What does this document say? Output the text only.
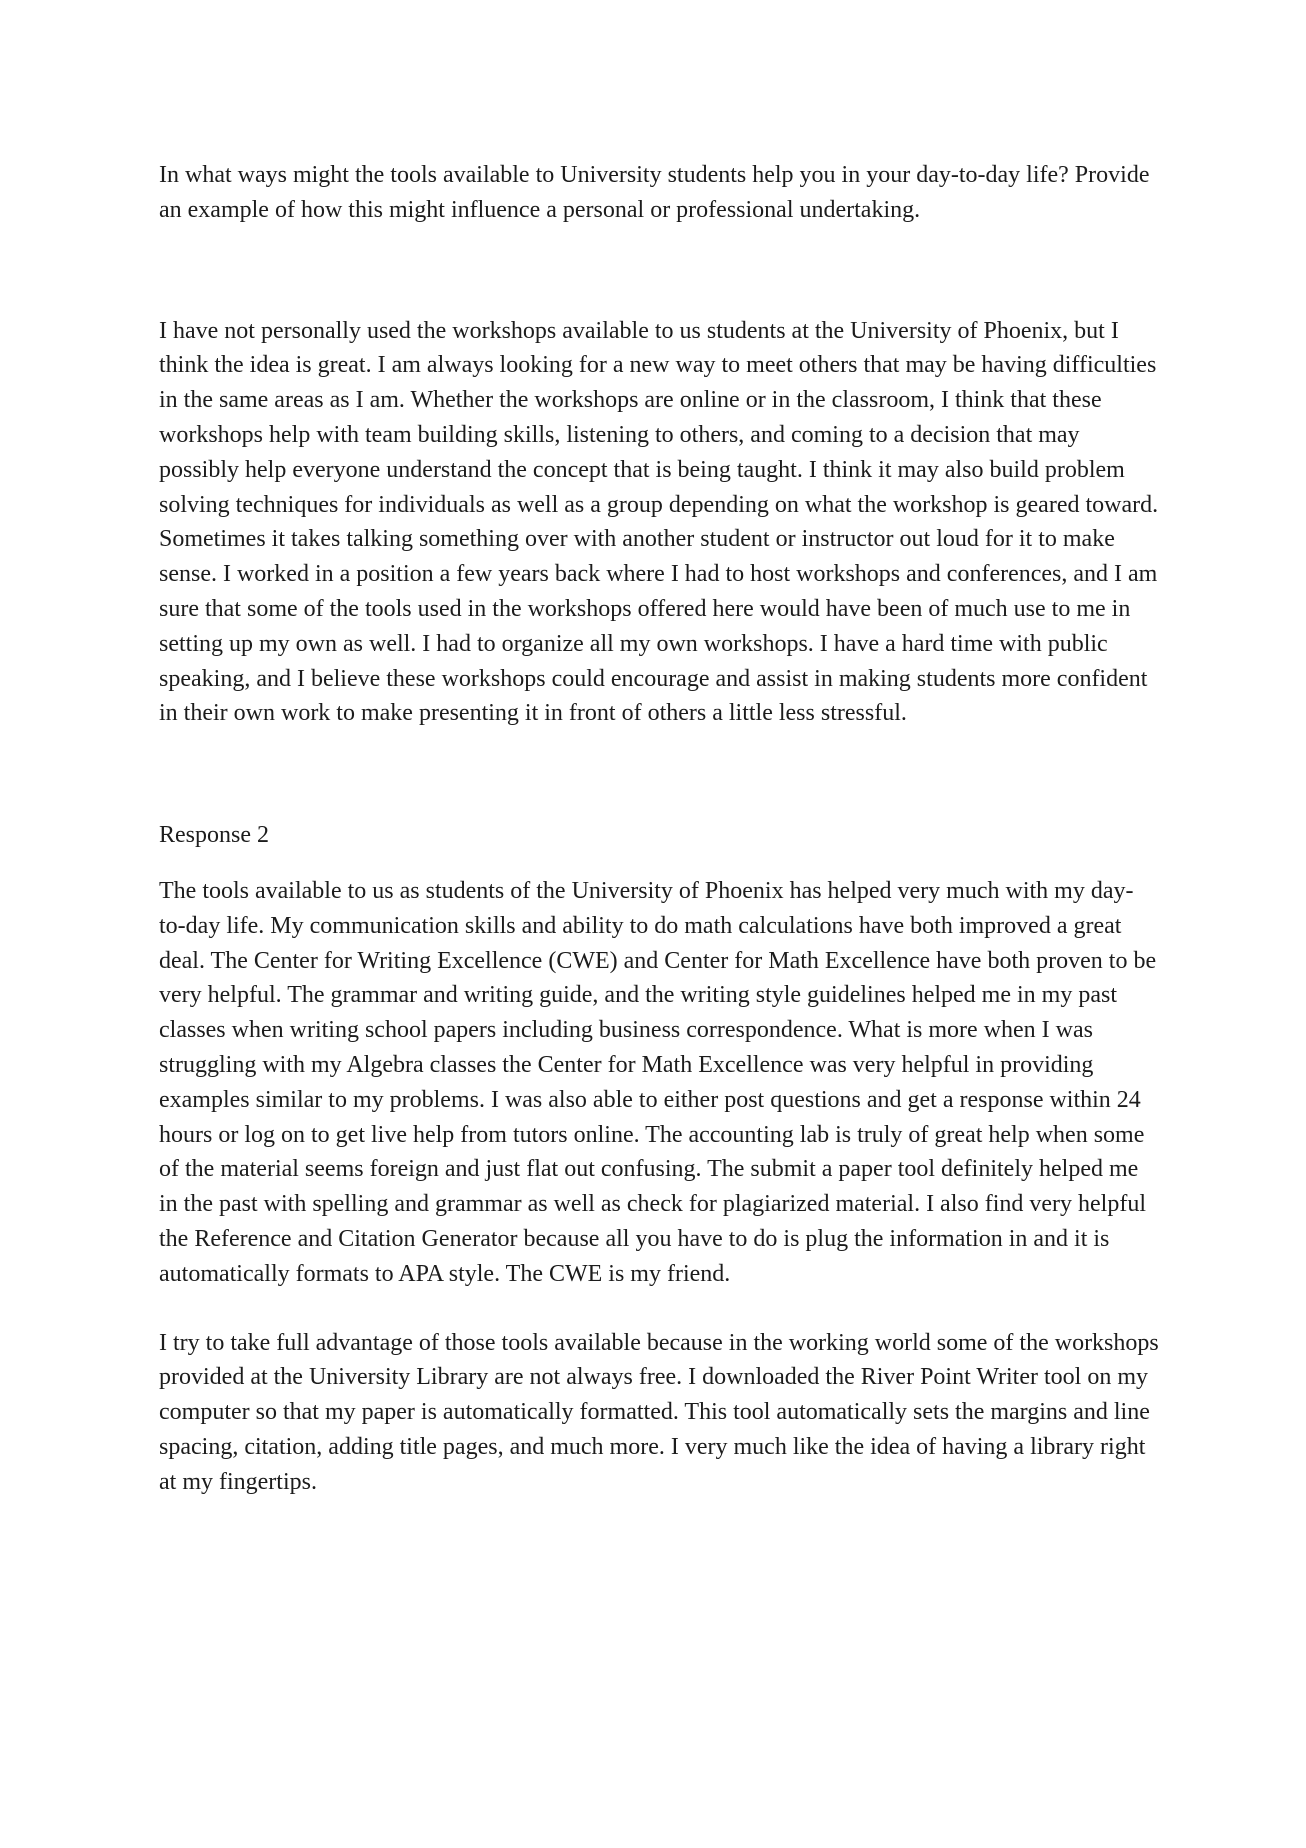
In what ways might the tools available to University students help you in your day-to-day life? Provide an example of how this might influence a personal or professional undertaking.

I have not personally used the workshops available to us students at the University of Phoenix, but I think the idea is great. I am always looking for a new way to meet others that may be having difficulties in the same areas as I am. Whether the workshops are online or in the classroom, I think that these workshops help with team building skills, listening to others, and coming to a decision that may possibly help everyone understand the concept that is being taught. I think it may also build problem solving techniques for individuals as well as a group depending on what the workshop is geared toward. Sometimes it takes talking something over with another student or instructor out loud for it to make sense. I worked in a position a few years back where I had to host workshops and conferences, and I am sure that some of the tools used in the workshops offered here would have been of much use to me in setting up my own as well. I had to organize all my own workshops. I have a hard time with public speaking, and I believe these workshops could encourage and assist in making students more confident in their own work to make presenting it in front of others a little less stressful.

Response 2

The tools available to us as students of the University of Phoenix has helped very much with my day-to-day life. My communication skills and ability to do math calculations have both improved a great deal. The Center for Writing Excellence (CWE) and Center for Math Excellence have both proven to be very helpful. The grammar and writing guide, and the writing style guidelines helped me in my past classes when writing school papers including business correspondence. What is more when I was struggling with my Algebra classes the Center for Math Excellence was very helpful in providing examples similar to my problems. I was also able to either post questions and get a response within 24 hours or log on to get live help from tutors online. The accounting lab is truly of great help when some of the material seems foreign and just flat out confusing. The submit a paper tool definitely helped me in the past with spelling and grammar as well as check for plagiarized material. I also find very helpful the Reference and Citation Generator because all you have to do is plug the information in and it is automatically formats to APA style. The CWE is my friend.

I try to take full advantage of those tools available because in the working world some of the workshops provided at the University Library are not always free. I downloaded the River Point Writer tool on my computer so that my paper is automatically formatted. This tool automatically sets the margins and line spacing, citation, adding title pages, and much more. I very much like the idea of having a library right at my fingertips.
